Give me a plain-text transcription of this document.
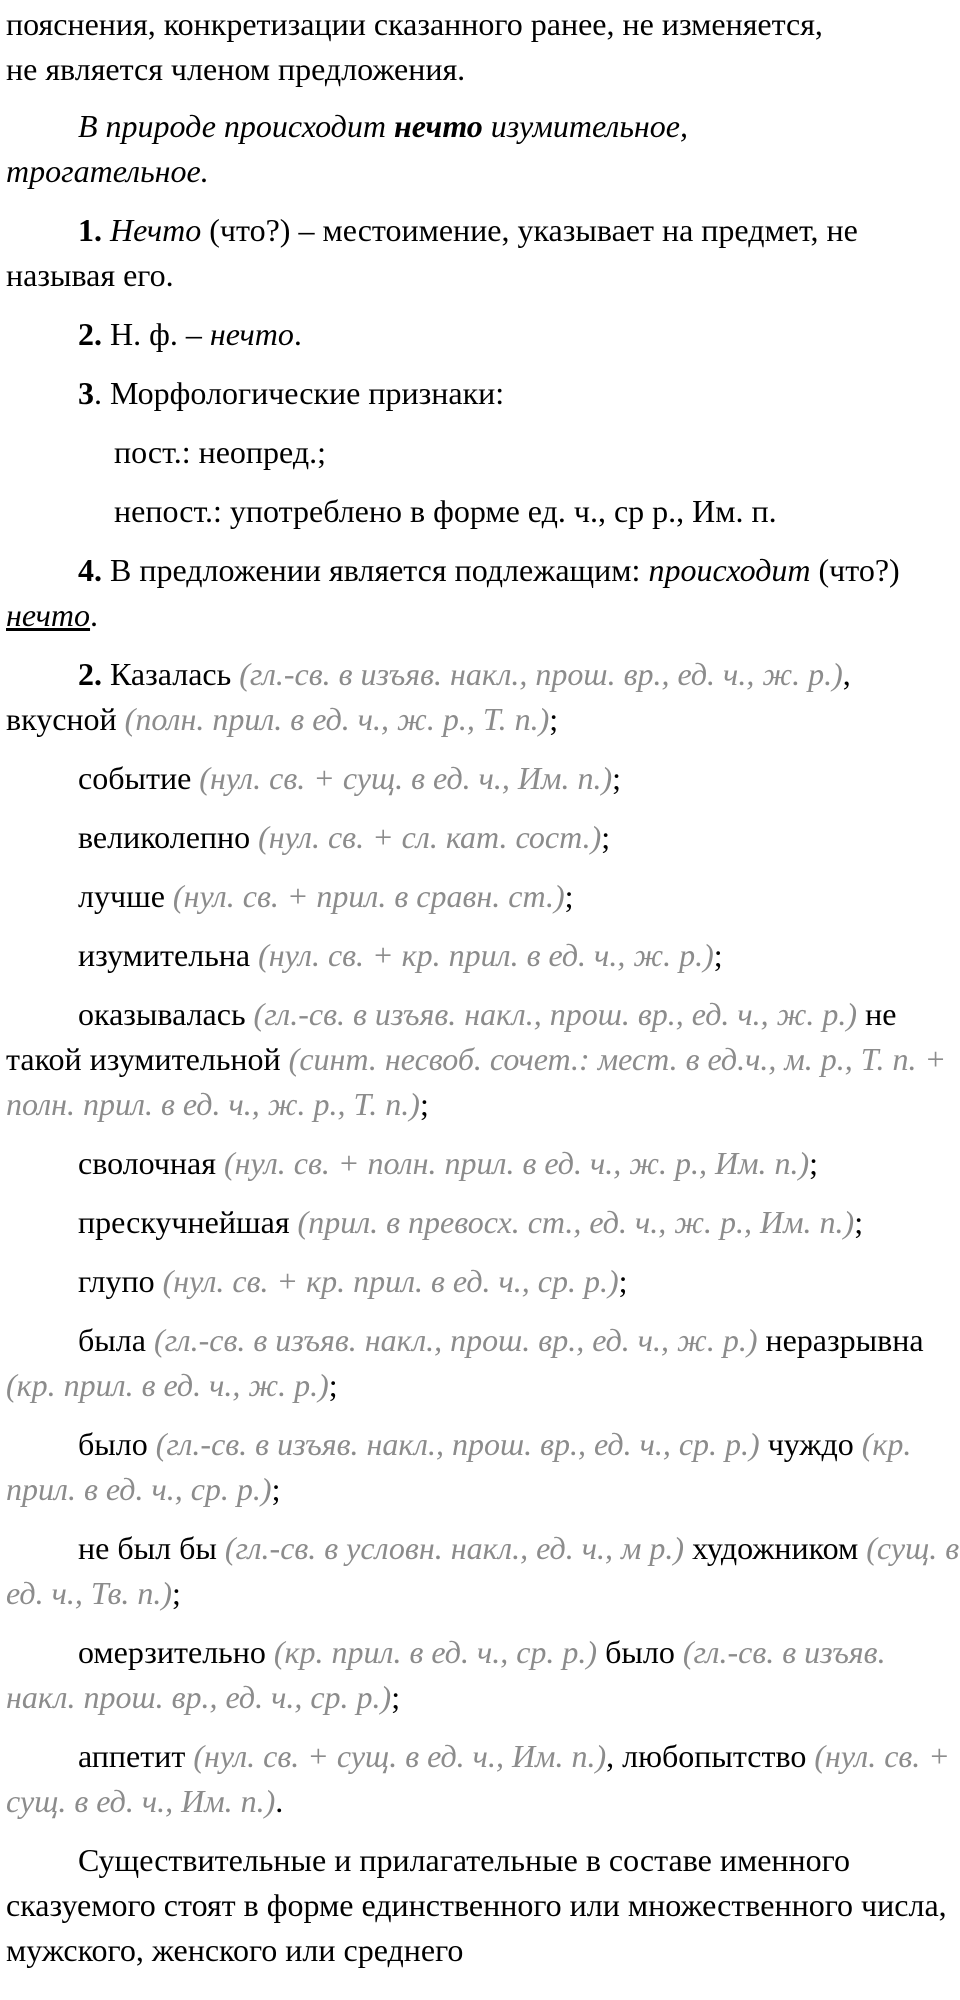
пояснения, конкретизации сказанного ранее, не изменяется,
не является членом предложения.

В природе происходит нечто изумительное,
трогательное.

1. Нечто (что?) – местоимение, указывает на предмет, не называя его.

2. Н. ф. – нечто.

3. Морфологические признаки:

пост.: неопред.;

непост.: употреблено в форме ед. ч., ср р., Им. п.

4. В предложении является подлежащим: происходит (что?) нечто.

2. Казалась (гл.-св. в изъяв. накл., прош. вр., ед. ч., ж. р.), вкусной (полн. прил. в ед. ч., ж. р., Т. п.);

событие (нул. св. + сущ. в ед. ч., Им. п.);

великолепно (нул. св. + сл. кат. сост.);

лучше (нул. св. + прил. в сравн. ст.);

изумительна (нул. св. + кр. прил. в ед. ч., ж. р.);

оказывалась (гл.-св. в изъяв. накл., прош. вр., ед. ч., ж. р.) не такой изумительной (синт. несвоб. сочет.: мест. в ед.ч., м. р., Т. п. + полн. прил. в ед. ч., ж. р., Т. п.);

сволочная (нул. св. + полн. прил. в ед. ч., ж. р., Им. п.);

прескучнейшая (прил. в превосх. ст., ед. ч., ж. р., Им. п.);

глупо (нул. св. + кр. прил. в ед. ч., ср. р.);

была (гл.-св. в изъяв. накл., прош. вр., ед. ч., ж. р.) неразрывна (кр. прил. в ед. ч., ж. р.);

было (гл.-св. в изъяв. накл., прош. вр., ед. ч., ср. р.) чуждо (кр. прил. в ед. ч., ср. р.);

не был бы (гл.-св. в условн. накл., ед. ч., м р.) художником (сущ. в ед. ч., Тв. п.);

омерзительно (кр. прил. в ед. ч., ср. р.) было (гл.-св. в изъяв. накл. прош. вр., ед. ч., ср. р.);

аппетит (нул. св. + сущ. в ед. ч., Им. п.), любопытство (нул. св. + сущ. в ед. ч., Им. п.).

Существительные и прилагательные в составе именного сказуемого стоят в форме единственного или множественного числа, мужского, женского или среднего
